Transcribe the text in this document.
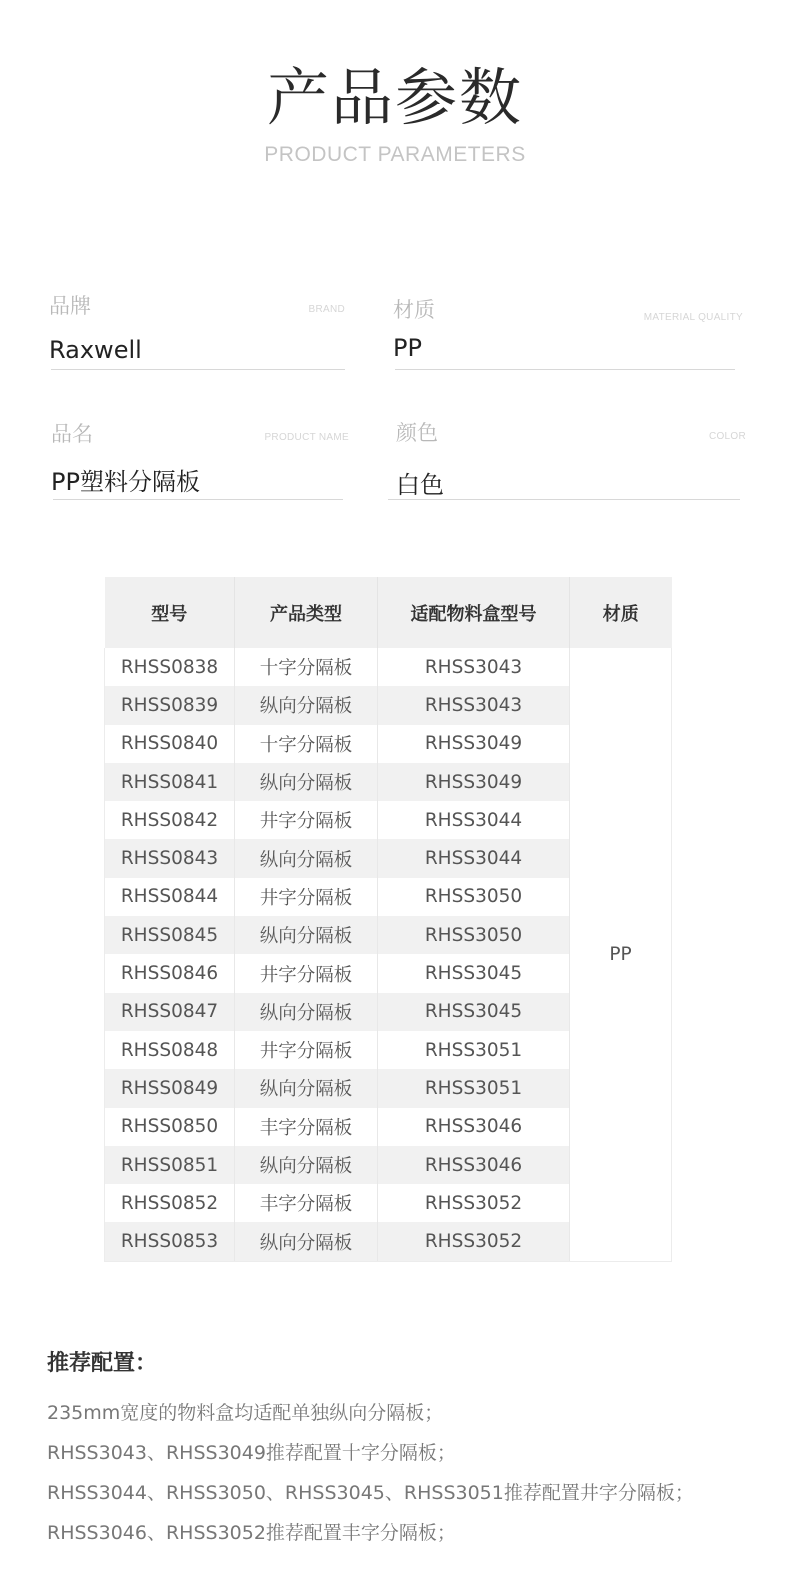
产品参数
PRODUCT PARAMETERS
品牌	BRAND
Raxwell
材质	MATERIAL QUALITY
PP
品名	PRODUCT NAME
PP塑料分隔板
颜色	COLOR
白色
型号	产品类型	适配物料盒型号	材质
RHSS0838	十字分隔板	RHSS3043	PP
RHSS0839	纵向分隔板	RHSS3043	
RHSS0840	十字分隔板	RHSS3049	
RHSS0841	纵向分隔板	RHSS3049	
RHSS0842	井字分隔板	RHSS3044	
RHSS0843	纵向分隔板	RHSS3044	
RHSS0844	井字分隔板	RHSS3050	
RHSS0845	纵向分隔板	RHSS3050	
RHSS0846	井字分隔板	RHSS3045	
RHSS0847	纵向分隔板	RHSS3045	
RHSS0848	井字分隔板	RHSS3051	
RHSS0849	纵向分隔板	RHSS3051	
RHSS0850	丰字分隔板	RHSS3046	
RHSS0851	纵向分隔板	RHSS3046	
RHSS0852	丰字分隔板	RHSS3052	
RHSS0853	纵向分隔板	RHSS3052	
推荐配置：
235mm宽度的物料盒均适配单独纵向分隔板；
RHSS3043、RHSS3049推荐配置十字分隔板；
RHSS3044、RHSS3050、RHSS3045、RHSS3051推荐配置井字分隔板；
RHSS3046、RHSS3052推荐配置丰字分隔板；
